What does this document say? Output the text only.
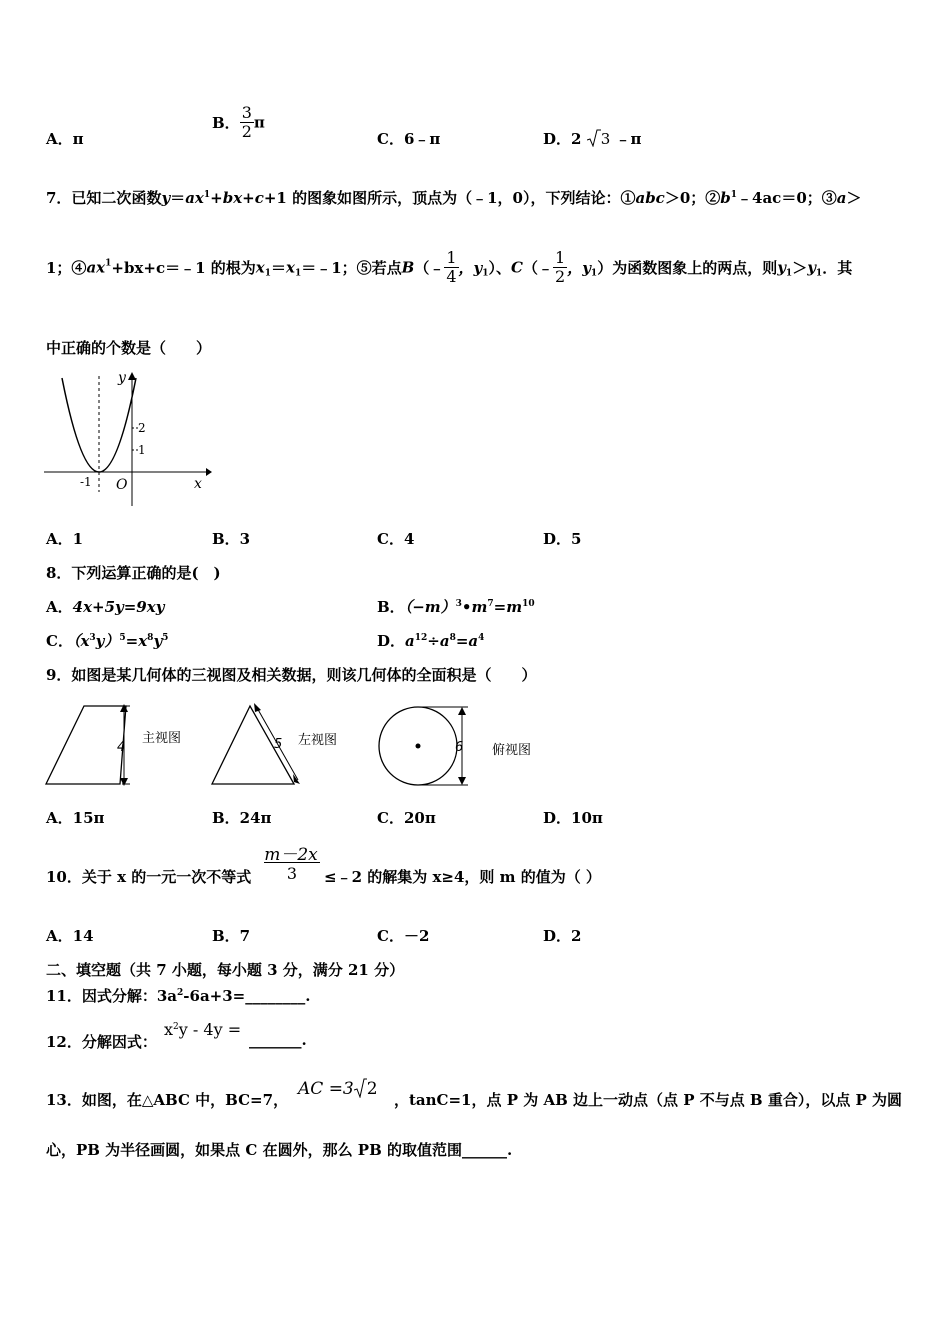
A．π
B． $\frac{3}{2}$ π
C．6﹣π	D．2 3 ﹣π
7．已知二次函数$y=ax^1+bx+c+1$ 的图象如图所示，顶点为（﹣1，0），下列结论：①abc＞0；$②b^1﹣4ac=0$；③a＞
1；$④ax^1+bx+c=﹣1$ 的根为$x_1=x_1=﹣1$；⑤若点B（﹣ $\frac{1}{4}$ ，$y_1$）、C（﹣ $\frac{1}{2}$ ，$y_1$）为函数图象上的两点，则$y_1>y_1$．其
中正确的个数是（　　）
y
x
O
-1
2
1
A．1	B．3	C．4	D．5
8．下列运算正确的是(　)
A．4x+5y=9xy	B．$(-m)^3•m^7=m^{10}$
C．$(x^3y)^5=x^8y^5$	D．$a^{12}\div a^8=a^4$
9．如图是某几何体的三视图及相关数据，则该几何体的全面积是（　　）
4
主视图	5 左视图	6 俯视图
A．15π	B．24π	C．20π	D．10π
10．关于 x 的一元一次不等式
m－2x
3	≤﹣2 的解集为 x≥4，则 m 的值为（ ）
A．14	B．7	C．－2	D．2
二、填空题（共 7 小题，每小题 3 分，满分 21 分）
11．因式分解：$3a^2-6a+3=\_\_\_\_\_\_\_\_$.
12．分解因式：
$x^2y - 4y$ =
_______.
13．如图，在△ABC 中，BC=7，
AC =3 2
，tanC=1，点 P 为 AB 边上一动点（点 P 不与点 B 重合），以点 P 为圆
心，PB 为半径画圆，如果点 C 在圆外，那么 PB 的取值范围______.
